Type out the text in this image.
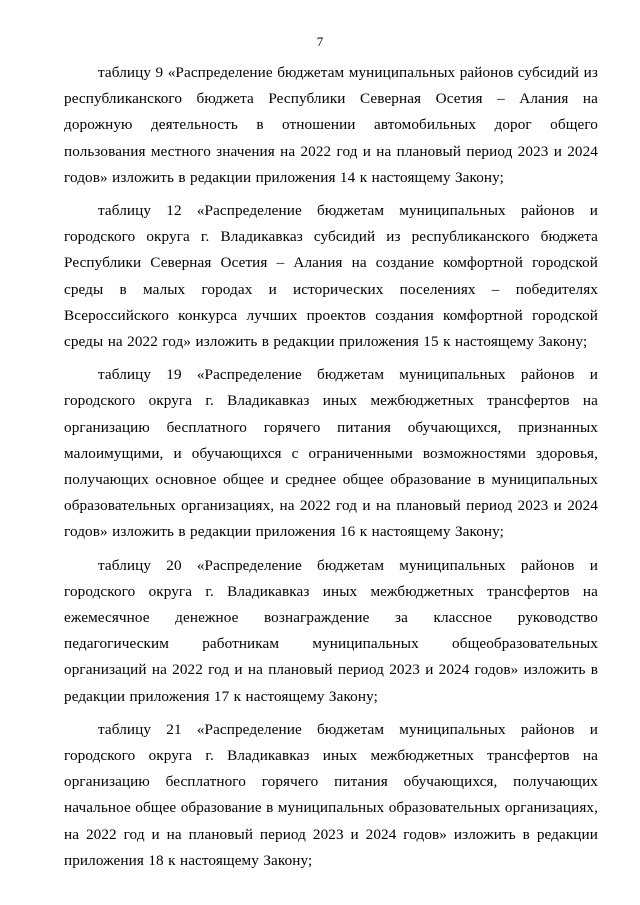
7

таблицу 9 «Распределение бюджетам муниципальных районов субсидий из республиканского бюджета Республики Северная Осетия – Алания на дорожную деятельность в отношении автомобильных дорог общего пользования местного значения на 2022 год и на плановый период 2023 и 2024 годов» изложить в редакции приложения 14 к настоящему Закону;

таблицу 12 «Распределение бюджетам муниципальных районов и городского округа г. Владикавказ субсидий из республиканского бюджета Республики Северная Осетия – Алания на создание комфортной городской среды в малых городах и исторических поселениях – победителях Всероссийского конкурса лучших проектов создания комфортной городской среды на 2022 год» изложить в редакции приложения 15 к настоящему Закону;

таблицу 19 «Распределение бюджетам муниципальных районов и городского округа г. Владикавказ иных межбюджетных трансфертов на организацию бесплатного горячего питания обучающихся, признанных малоимущими, и обучающихся с ограниченными возможностями здоровья, получающих основное общее и среднее общее образование в муниципальных образовательных организациях, на 2022 год и на плановый период 2023 и 2024 годов» изложить в редакции приложения 16 к настоящему Закону;

таблицу 20 «Распределение бюджетам муниципальных районов и городского округа г. Владикавказ иных межбюджетных трансфертов на ежемесячное денежное вознаграждение за классное руководство педагогическим работникам муниципальных общеобразовательных организаций на 2022 год и на плановый период 2023 и 2024 годов» изложить в редакции приложения 17 к настоящему Закону;

таблицу 21 «Распределение бюджетам муниципальных районов и городского округа г. Владикавказ иных межбюджетных трансфертов на организацию бесплатного горячего питания обучающихся, получающих начальное общее образование в муниципальных образовательных организациях, на 2022 год и на плановый период 2023 и 2024 годов» изложить в редакции приложения 18 к настоящему Закону;
